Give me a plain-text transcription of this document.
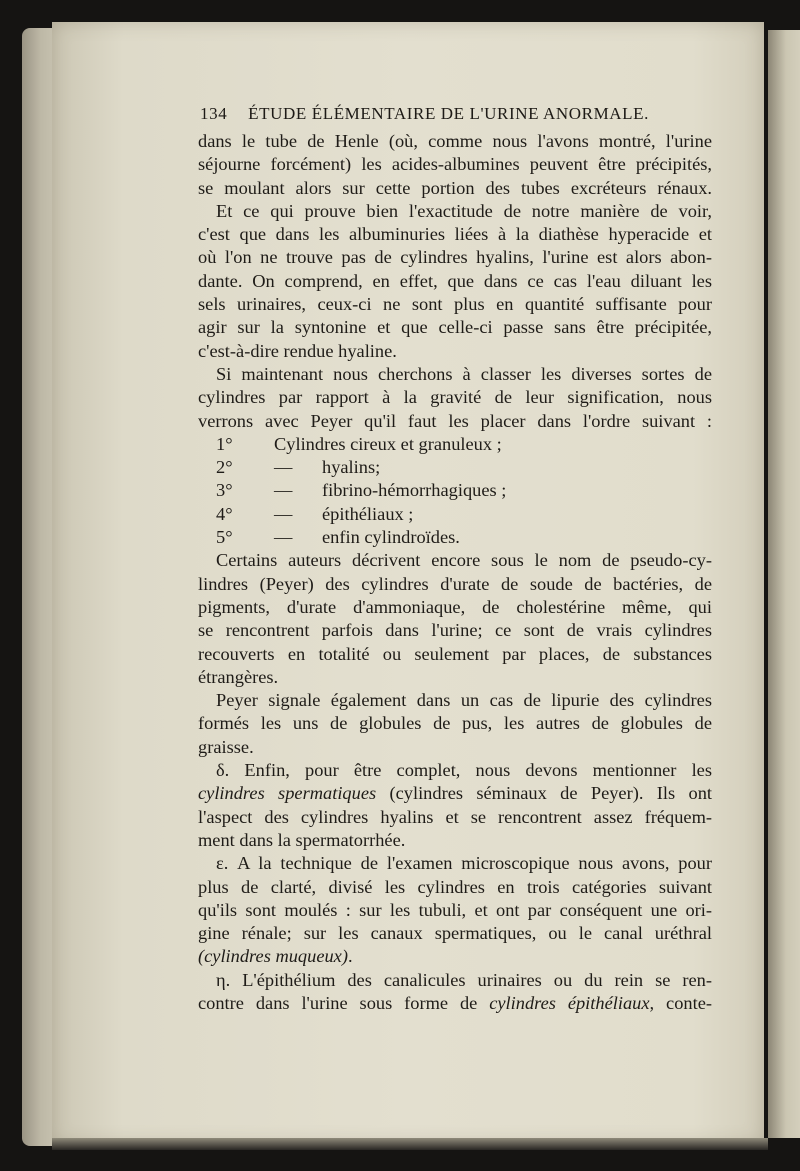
134 ÉTUDE ÉLÉMENTAIRE DE L'URINE ANORMALE.
dans le tube de Henle (où, comme nous l'avons montré, l'urine
séjourne forcément) les acides-albumines peuvent être précipités,
se moulant alors sur cette portion des tubes excréteurs rénaux.
Et ce qui prouve bien l'exactitude de notre manière de voir,
c'est que dans les albuminuries liées à la diathèse hyperacide et
où l'on ne trouve pas de cylindres hyalins, l'urine est alors abon-
dante. On comprend, en effet, que dans ce cas l'eau diluant les
sels urinaires, ceux-ci ne sont plus en quantité suffisante pour
agir sur la syntonine et que celle-ci passe sans être précipitée,
c'est-à-dire rendue hyaline.
Si maintenant nous cherchons à classer les diverses sortes de
cylindres par rapport à la gravité de leur signification, nous
verrons avec Peyer qu'il faut les placer dans l'ordre suivant :
1°	Cylindres cireux et granuleux ;
2°	—	hyalins;
3°	—	fibrino-hémorrhagiques ;
4°	—	épithéliaux ;
5°	—	enfin cylindroïdes.
Certains auteurs décrivent encore sous le nom de pseudo-cy-
lindres (Peyer) des cylindres d'urate de soude de bactéries, de
pigments, d'urate d'ammoniaque, de cholestérine même, qui
se rencontrent parfois dans l'urine; ce sont de vrais cylindres
recouverts en totalité ou seulement par places, de substances
étrangères.
Peyer signale également dans un cas de lipurie des cylindres
formés les uns de globules de pus, les autres de globules de
graisse.
δ. Enfin, pour être complet, nous devons mentionner les
cylindres spermatiques (cylindres séminaux de Peyer). Ils ont
l'aspect des cylindres hyalins et se rencontrent assez fréquem-
ment dans la spermatorrhée.
ε. A la technique de l'examen microscopique nous avons, pour
plus de clarté, divisé les cylindres en trois catégories suivant
qu'ils sont moulés : sur les tubuli, et ont par conséquent une ori-
gine rénale; sur les canaux spermatiques, ou le canal uréthral
(cylindres muqueux).
η. L'épithélium des canalicules urinaires ou du rein se ren-
contre dans l'urine sous forme de cylindres épithéliaux, conte-
